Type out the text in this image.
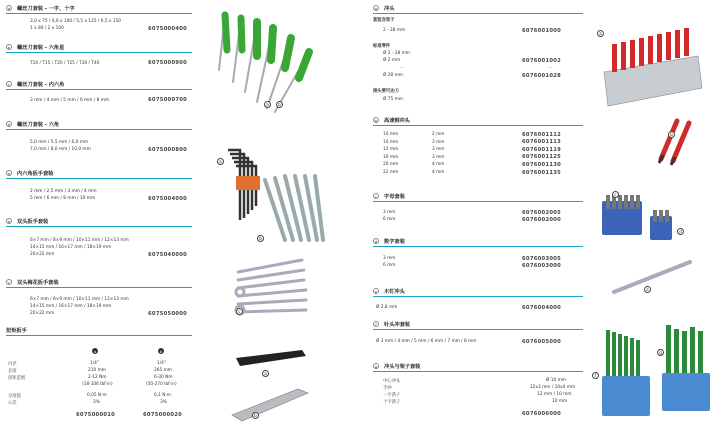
a	螺丝刀套装 - 一字、十字
3,0 x 75 / 4,0 x 100 / 5,5 x 125 / 6,5 x 150
1 x 80 / 2 x 100	6075000400
b	螺丝刀套装 - 六角星
T10 / T15 / T20 / T25 / T30 / T40	6075000900
c	螺丝刀套装 - 内六角
3 mm / 4 mm / 5 mm / 6 mm / 8 mm	6075000700
d	螺丝刀套装 - 六角
5,0 mm / 5,5 mm / 6,0 mm
7,0 mm / 8,0 mm / 10,0 mm	6075000800
a	内六角扳手套装
2 mm / 2,5 mm / 3 mm / 4 mm
5 mm / 6 mm / 8 mm / 10 mm	6075004000
b	双头扳手套装
6×7 mm / 8×9 mm / 10×11 mm / 12×13 mm
14×15 mm / 16×17 mm / 18×19 mm
20×22 mm	6075040000
c	双头梅花扳手套装
6×7 mm / 8×9 mm / 10×11 mm / 12×13 mm
14×15 mm / 16×17 mm / 18×19 mm
20×22 mm	6075050000
扭矩扳手
a	b
内径	1/4"	1/4"
长度	210 mm	265 mm
扭矩范围	2-12 Nm	6-30 Nm
(18-106 lbf·in)	(50-270 lbf·in)
分度值	0,05 N·m	0,1 N·m
公差	3%	3%
6075000010	6075000020
a	b
a
b
c
a
b
a	冲头
套装含架子
2 - 28 mm	6076001000
标准零件
Ø 2 - 28 mm
Ø 2 mm	6076001002
...	...
Ø 28 mm	6076001028
接头要可达ⓐ
Ø 75 mm
b	高速钢冲头
10 mm	2 mm	6076001112
10 mm	3 mm	6076001113
12 mm	3 mm	6076001119
16 mm	3 mm	6076001125
20 mm	4 mm	6076001130
22 mm	4 mm	6076001135
c	字母套装
3 mm	6076002005
6 mm	6076002000
d	数字套装
3 mm	6076003005
6 mm	6076003000
e	木钉冲头
Ø 2,8 mm	6076004000
f	针头冲套装
Ø 3 mm / 4 mm / 5 mm / 6 mm / 7 mm / 8 mm	6076005000
g	冲头与架子套装
中心冲头	Ø 10 mm
手冲	12x3 mm / 10x4 mm
一字凿子	12 mm / 10 mm
十字凿子	10 mm
6076006000
a
b
c
d
e
f
g
